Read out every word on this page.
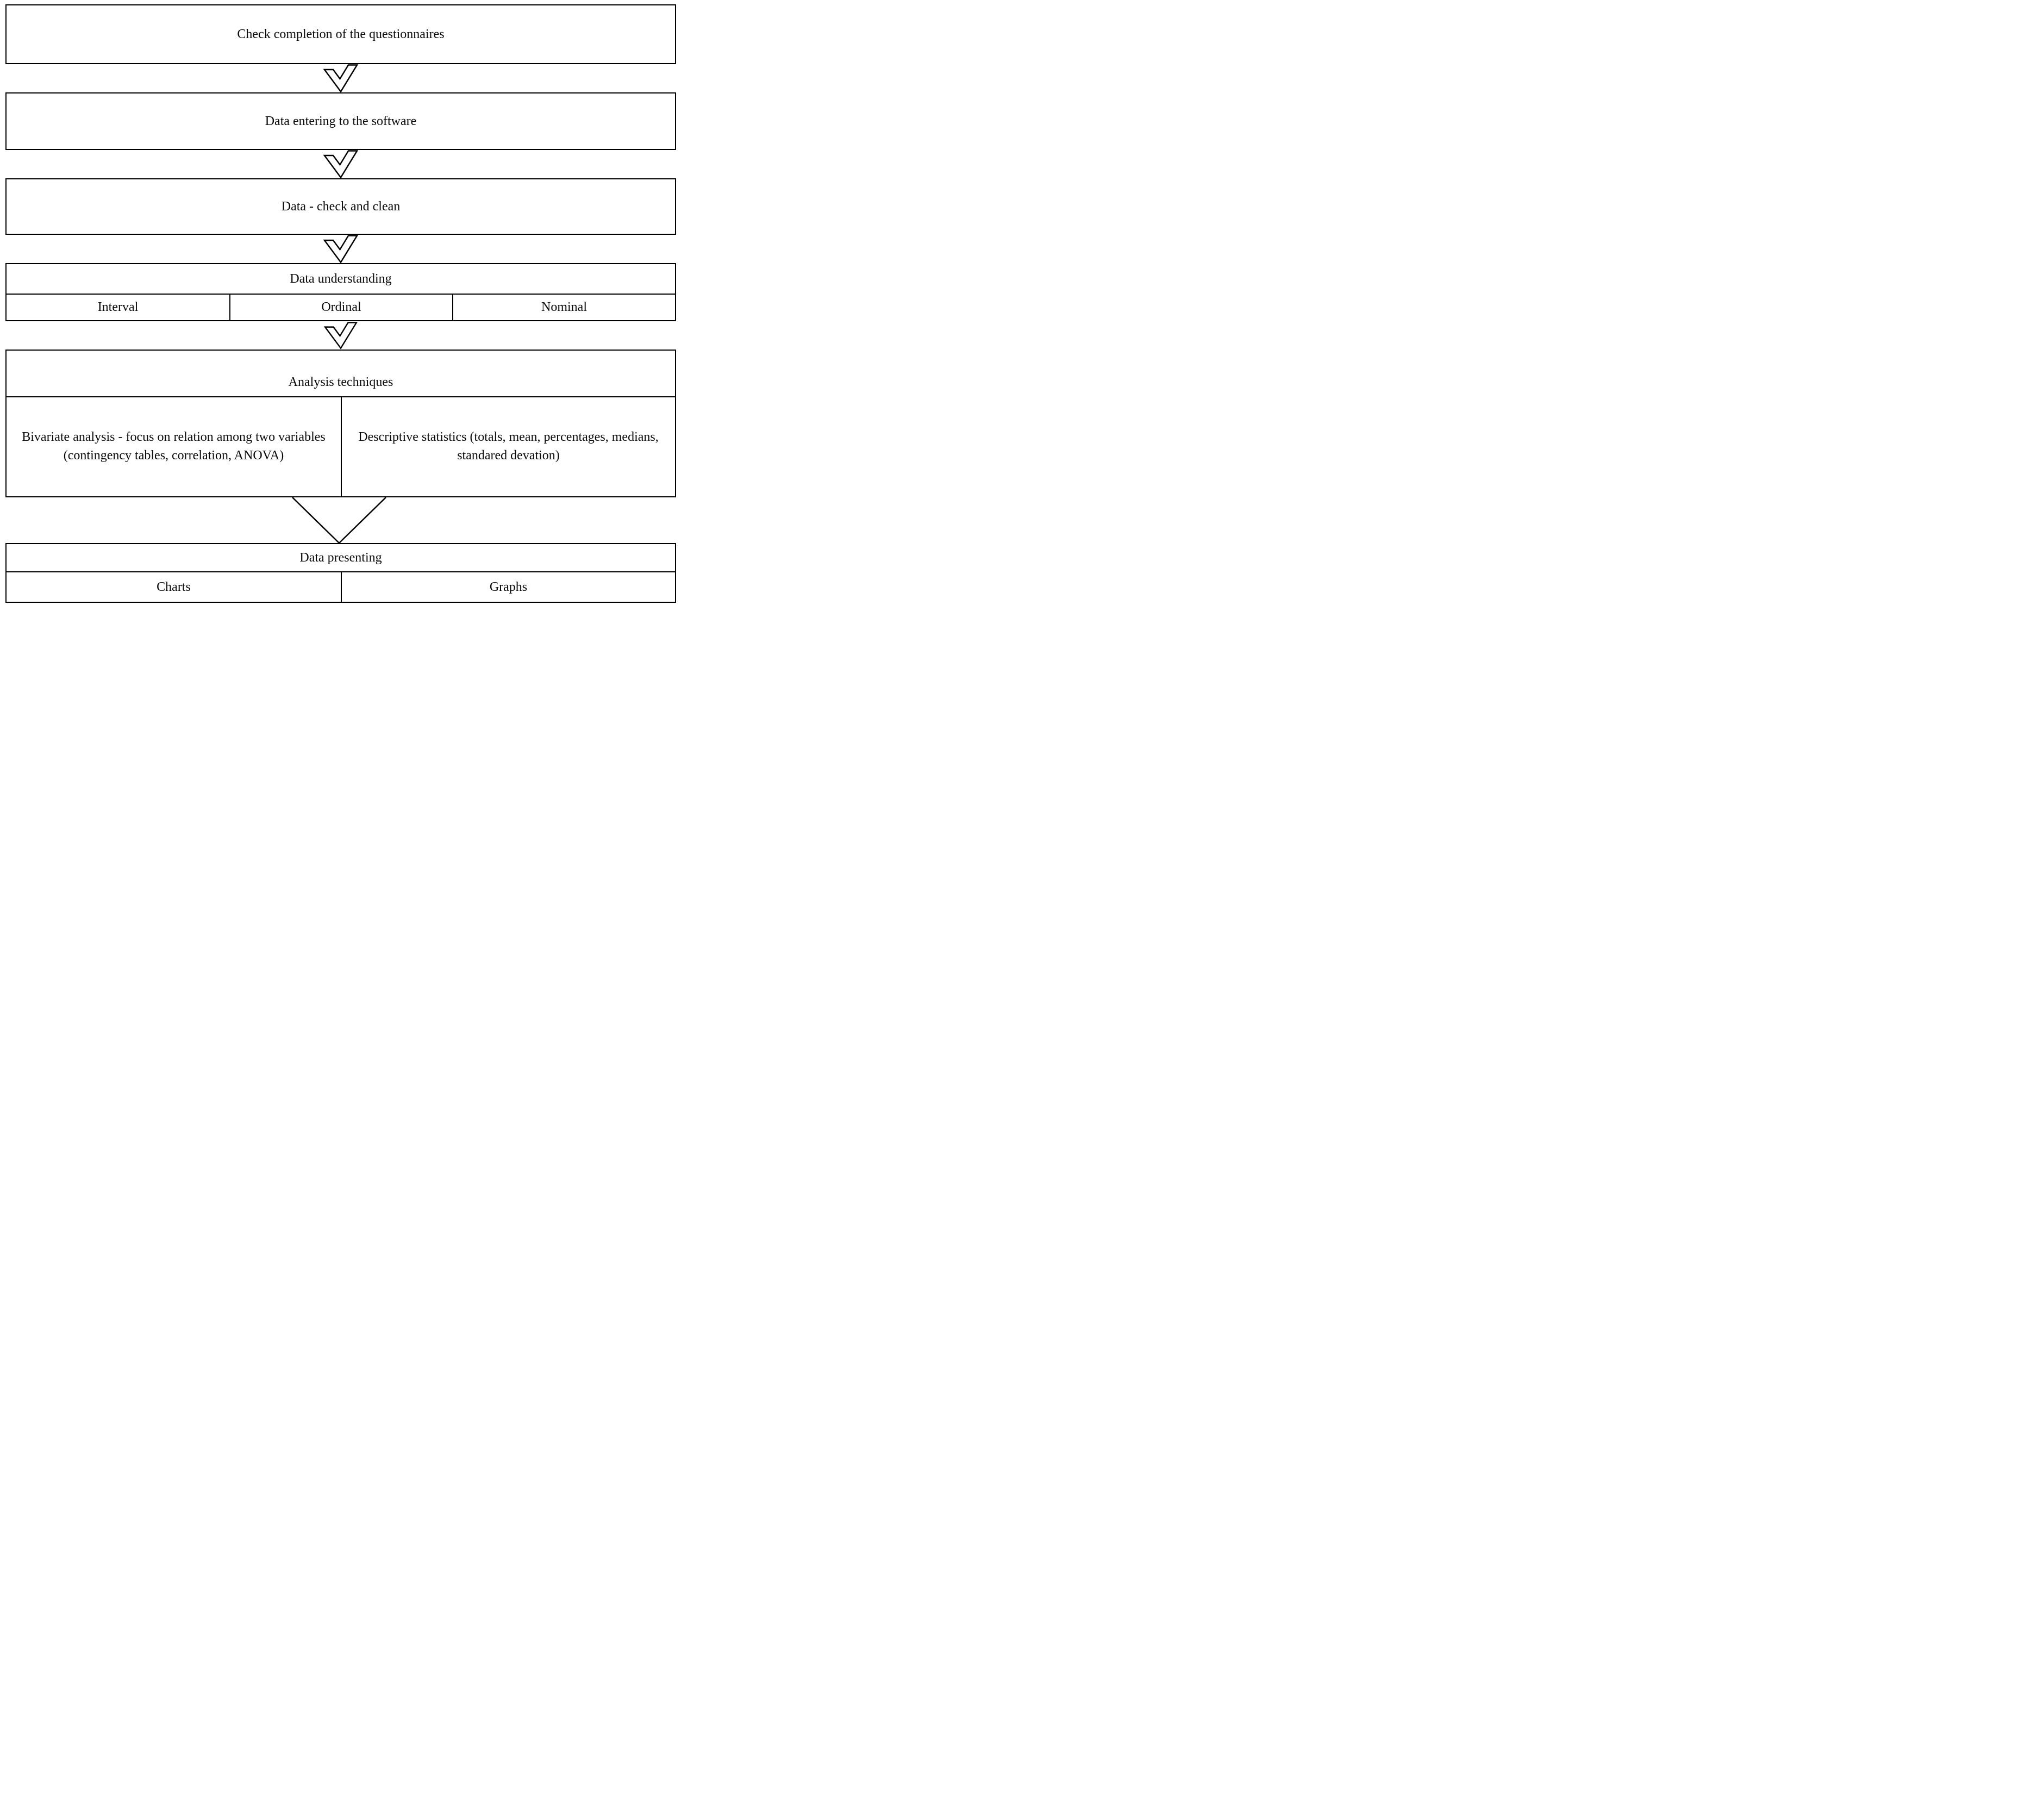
Check completion of the questionnaires
Data entering to the software
Data - check and clean
Data understanding
Interval	Ordinal	Nominal
Analysis techniques
Bivariate analysis - focus on relation among two variables (contingency tables, correlation, ANOVA)
Descriptive statistics (totals, mean, percentages, medians, standared devation)
Data presenting
Charts	Graphs
